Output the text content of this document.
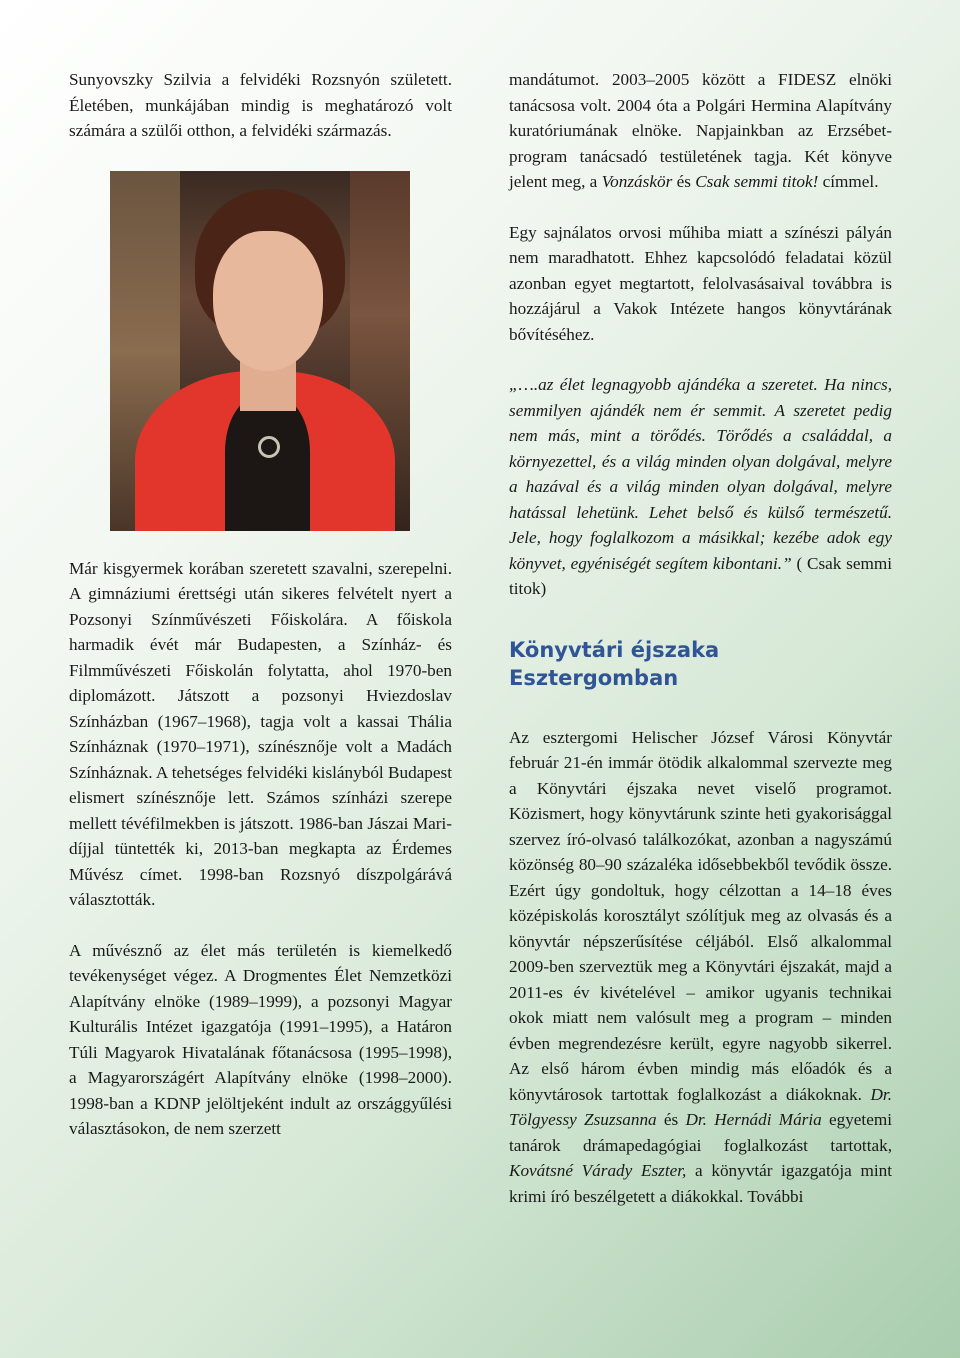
Sunyovszky Szilvia a felvidéki Rozsnyón született. Életében, munkájában mindig is meghatározó volt számára a szülői otthon, a felvidéki származás.

Már kisgyermek korában szeretett szavalni, szerepelni. A gimnáziumi érettségi után sikeres felvételt nyert a Pozsonyi Színművészeti Főiskolára. A főiskola harmadik évét már Budapesten, a Színház- és Filmművészeti Főiskolán folytatta, ahol 1970-ben diplomázott. Játszott a pozsonyi Hviezdoslav Színházban (1967–1968), tagja volt a kassai Thália Színháznak (1970–1971), színésznője volt a Madách Színháznak. A tehetséges felvidéki kislányból Budapest elismert színésznője lett. Számos színházi szerepe mellett tévéfilmekben is játszott. 1986-ban Jászai Mari-díjjal tüntették ki, 2013-ban megkapta az Érdemes Művész címet. 1998-ban Rozsnyó díszpolgárává választották.

A művésznő az élet más területén is kiemelkedő tevékenységet végez. A Drogmentes Élet Nemzetközi Alapítvány elnöke (1989–1999), a pozsonyi Magyar Kulturális Intézet igazgatója (1991–1995), a Határon Túli Magyarok Hivatalának főtanácsosa (1995–1998), a Magyarországért Alapítvány elnöke (1998–2000). 1998-ban a KDNP jelöltjeként indult az országgyűlési választásokon, de nem szerzett

mandátumot. 2003–2005 között a FIDESZ elnöki tanácsosa volt. 2004 óta a Polgári Hermina Alapítvány kuratóriumának elnöke. Napjainkban az Erzsébet-program tanácsadó testületének tagja. Két könyve jelent meg, a Vonzáskör és Csak semmi titok! címmel.

Egy sajnálatos orvosi műhiba miatt a színészi pályán nem maradhatott. Ehhez kapcsolódó feladatai közül azonban egyet megtartott, felolvasásaival továbbra is hozzájárul a Vakok Intézete hangos könyvtárának bővítéséhez.

„….az élet legnagyobb ajándéka a szeretet. Ha nincs, semmilyen ajándék nem ér semmit. A szeretet pedig nem más, mint a törődés. Törődés a családdal, a környezettel, és a világ minden olyan dolgával, melyre a hazával és a világ minden olyan dolgával, melyre hatással lehetünk. Lehet belső és külső természetű. Jele, hogy foglalkozom a másikkal; kezébe adok egy könyvet, egyéniségét segítem kibontani.” ( Csak semmi titok)

Könyvtári éjszaka Esztergomban

Az esztergomi Helischer József Városi Könyvtár február 21-én immár ötödik alkalommal szervezte meg a Könyvtári éjszaka nevet viselő programot. Közismert, hogy könyvtárunk szinte heti gyakorisággal szervez író-olvasó találkozókat, azonban a nagyszámú közönség 80–90 százaléka idősebbekből tevődik össze. Ezért úgy gondoltuk, hogy célzottan a 14–18 éves középiskolás korosztályt szólítjuk meg az olvasás és a könyvtár népszerűsítése céljából. Első alkalommal 2009-ben szerveztük meg a Könyvtári éjszakát, majd a 2011-es év kivételével – amikor ugyanis technikai okok miatt nem valósult meg a program – minden évben megrendezésre került, egyre nagyobb sikerrel. Az első három évben mindig más előadók és a könyvtárosok tartottak foglalkozást a diákoknak. Dr. Tölgyessy Zsuzsanna és Dr. Hernádi Mária egyetemi tanárok drámapedagógiai foglalkozást tartottak, Kovátsné Várady Eszter, a könyvtár igazgatója mint krimi író beszélgetett a diákokkal. További
